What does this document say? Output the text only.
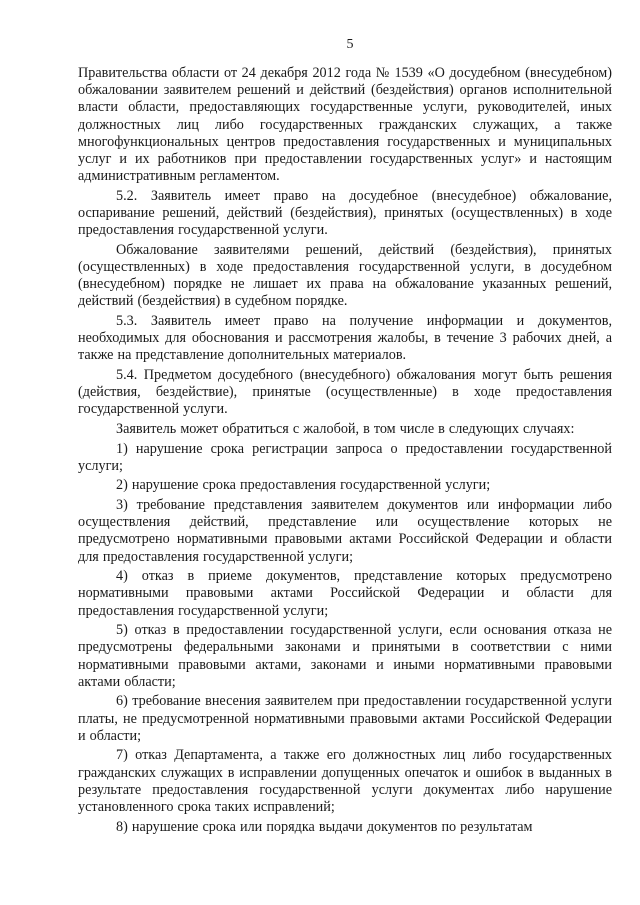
5

Правительства области от 24 декабря 2012 года № 1539 «О досудебном (внесудебном) обжаловании заявителем решений и действий (бездействия) органов исполнительной власти области, предоставляющих государственные услуги, руководителей, иных должностных лиц либо государственных гражданских служащих, а также многофункциональных центров предоставления государственных и муниципальных услуг и их работников при предоставлении государственных услуг» и настоящим административным регламентом.

5.2. Заявитель имеет право на досудебное (внесудебное) обжалование, оспаривание решений, действий (бездействия), принятых (осуществленных) в ходе предоставления государственной услуги.

Обжалование заявителями решений, действий (бездействия), принятых (осуществленных) в ходе предоставления государственной услуги, в досудебном (внесудебном) порядке не лишает их права на обжалование указанных решений, действий (бездействия) в судебном порядке.

5.3. Заявитель имеет право на получение информации и документов, необходимых для обоснования и рассмотрения жалобы, в течение 3 рабочих дней, а также на представление дополнительных материалов.

5.4. Предметом досудебного (внесудебного) обжалования могут быть решения (действия, бездействие), принятые (осуществленные) в ходе предоставления государственной услуги.

Заявитель может обратиться с жалобой, в том числе в следующих случаях:

1) нарушение срока регистрации запроса о предоставлении государственной услуги;

2) нарушение срока предоставления государственной услуги;

3) требование представления заявителем документов или информации либо осуществления действий, представление или осуществление которых не предусмотрено нормативными правовыми актами Российской Федерации и области для предоставления государственной услуги;

4) отказ в приеме документов, представление которых предусмотрено нормативными правовыми актами Российской Федерации и области для предоставления государственной услуги;

5) отказ в предоставлении государственной услуги, если основания отказа не предусмотрены федеральными законами и принятыми в соответствии с ними нормативными правовыми актами, законами и иными нормативными правовыми актами области;

6) требование внесения заявителем при предоставлении государственной услуги платы, не предусмотренной нормативными правовыми актами Российской Федерации и области;

7) отказ Департамента, а также его должностных лиц либо государственных гражданских служащих в исправлении допущенных опечаток и ошибок в выданных в результате предоставления государственной услуги документах либо нарушение установленного срока таких исправлений;

8) нарушение срока или порядка выдачи документов по результатам
